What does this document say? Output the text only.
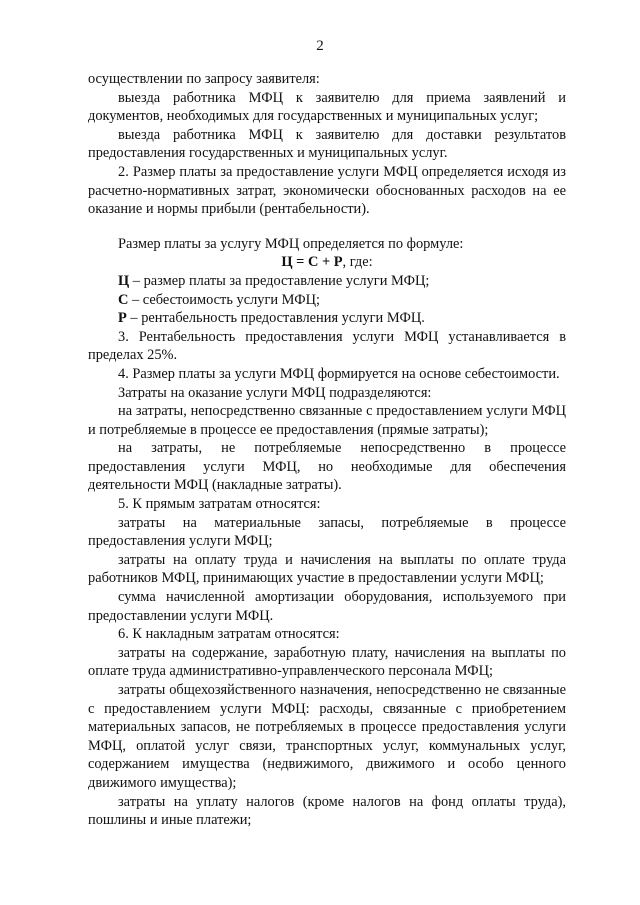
2

осуществлении по запросу заявителя:

выезда работника МФЦ к заявителю для приема заявлений и документов, необходимых для государственных и муниципальных услуг;

выезда работника МФЦ к заявителю для доставки результатов предоставления государственных и муниципальных услуг.

2. Размер платы за предоставление услуги МФЦ определяется исходя из расчетно-нормативных затрат, экономически обоснованных расходов на ее оказание и нормы прибыли (рентабельности).

Размер платы за услугу МФЦ определяется по формуле:

Ц = С + Р, где:

Ц – размер платы за предоставление услуги МФЦ;

С – себестоимость услуги МФЦ;

Р – рентабельность предоставления услуги МФЦ.

3. Рентабельность предоставления услуги МФЦ устанавливается в пределах 25%.

4. Размер платы за услуги МФЦ формируется на основе себестоимости.

Затраты на оказание услуги МФЦ подразделяются:

на затраты, непосредственно связанные с предоставлением услуги МФЦ и потребляемые в процессе ее предоставления (прямые затраты);

на затраты, не потребляемые непосредственно в процессе предоставления услуги МФЦ, но необходимые для обеспечения деятельности МФЦ (накладные затраты).

5. К прямым затратам относятся:

затраты на материальные запасы, потребляемые в процессе предоставления услуги МФЦ;

затраты на оплату труда и начисления на выплаты по оплате труда работников МФЦ, принимающих участие в предоставлении услуги МФЦ;

сумма начисленной амортизации оборудования, используемого при предоставлении услуги МФЦ.

6. К накладным затратам относятся:

затраты на содержание, заработную плату, начисления на выплаты по оплате труда административно-управленческого персонала МФЦ;

затраты общехозяйственного назначения, непосредственно не связанные с предоставлением услуги МФЦ: расходы, связанные с приобретением материальных запасов, не потребляемых в процессе предоставления услуги МФЦ, оплатой услуг связи, транспортных услуг, коммунальных услуг, содержанием имущества (недвижимого, движимого и особо ценного движимого имущества);

затраты на уплату налогов (кроме налогов на фонд оплаты труда), пошлины и иные платежи;
